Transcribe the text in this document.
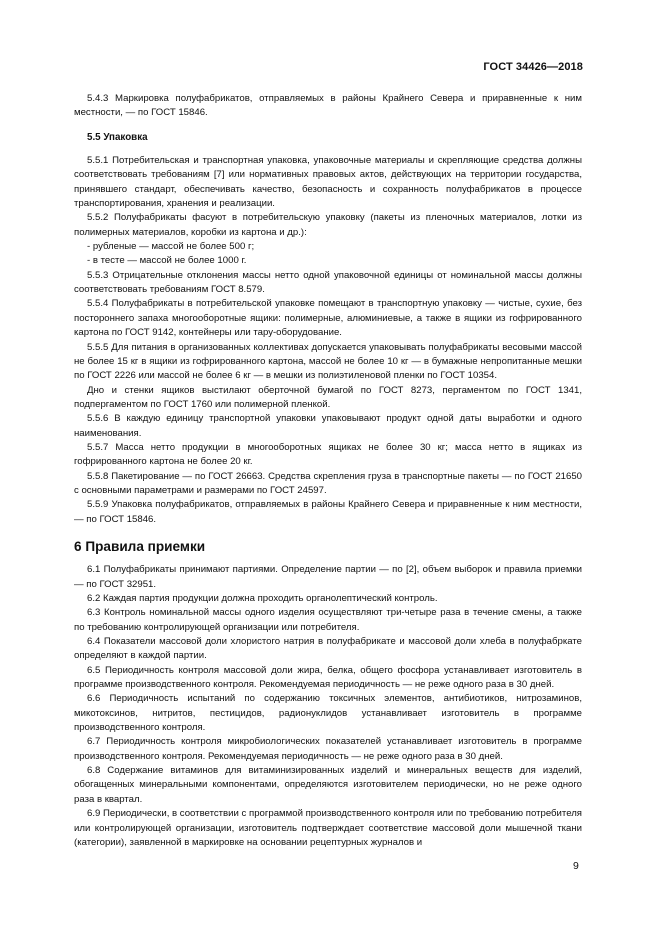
ГОСТ 34426—2018

5.4.3 Маркировка полуфабрикатов, отправляемых в районы Крайнего Севера и приравненные к ним местности, — по ГОСТ 15846.

5.5 Упаковка

5.5.1 Потребительская и транспортная упаковка, упаковочные материалы и скрепляющие средства должны соответствовать требованиям [7] или нормативных правовых актов, действующих на территории государства, принявшего стандарт, обеспечивать качество, безопасность и сохранность полуфабрикатов в процессе транспортирования, хранения и реализации.

5.5.2 Полуфабрикаты фасуют в потребительскую упаковку (пакеты из пленочных материалов, лотки из полимерных материалов, коробки из картона и др.):

- рубленые — массой не более 500 г;

- в тесте — массой не более 1000 г.

5.5.3 Отрицательные отклонения массы нетто одной упаковочной единицы от номинальной массы должны соответствовать требованиям ГОСТ 8.579.

5.5.4 Полуфабрикаты в потребительской упаковке помещают в транспортную упаковку — чистые, сухие, без постороннего запаха многооборотные ящики: полимерные, алюминиевые, а также в ящики из гофрированного картона по ГОСТ 9142, контейнеры или тару-оборудование.

5.5.5 Для питания в организованных коллективах допускается упаковывать полуфабрикаты весовыми массой не более 15 кг в ящики из гофрированного картона, массой не более 10 кг — в бумажные непропитанные мешки по ГОСТ 2226 или массой не более 6 кг — в мешки из полиэтиленовой пленки по ГОСТ 10354.

Дно и стенки ящиков выстилают оберточной бумагой по ГОСТ 8273, пергаментом по ГОСТ 1341, подпергаментом по ГОСТ 1760 или полимерной пленкой.

5.5.6 В каждую единицу транспортной упаковки упаковывают продукт одной даты выработки и одного наименования.

5.5.7 Масса нетто продукции в многооборотных ящиках не более 30 кг; масса нетто в ящиках из гофрированного картона не более 20 кг.

5.5.8 Пакетирование — по ГОСТ 26663. Средства скрепления груза в транспортные пакеты — по ГОСТ 21650 с основными параметрами и размерами по ГОСТ 24597.

5.5.9 Упаковка полуфабрикатов, отправляемых в районы Крайнего Севера и приравненные к ним местности, — по ГОСТ 15846.

6 Правила приемки

6.1 Полуфабрикаты принимают партиями. Определение партии — по [2], объем выборок и правила приемки — по ГОСТ 32951.

6.2 Каждая партия продукции должна проходить органолептический контроль.

6.3 Контроль номинальной массы одного изделия осуществляют три-четыре раза в течение смены, а также по требованию контролирующей организации или потребителя.

6.4 Показатели массовой доли хлористого натрия в полуфабрикате и массовой доли хлеба в полуфабркате определяют в каждой партии.

6.5 Периодичность контроля массовой доли жира, белка, общего фосфора устанавливает изготовитель в программе производственного контроля. Рекомендуемая периодичность — не реже одного раза в 30 дней.

6.6 Периодичность испытаний по содержанию токсичных элементов, антибиотиков, нитрозаминов, микотоксинов, нитритов, пестицидов, радионуклидов устанавливает изготовитель в программе производственного контроля.

6.7 Периодичность контроля микробиологических показателей устанавливает изготовитель в программе производственного контроля. Рекомендуемая периодичность — не реже одного раза в 30 дней.

6.8 Содержание витаминов для витаминизированных изделий и минеральных веществ для изделий, обогащенных минеральными компонентами, определяются изготовителем периодически, но не реже одного раза в квартал.

6.9 Периодически, в соответствии с программой производственного контроля или по требованию потребителя или контролирующей организации, изготовитель подтверждает соответствие массовой доли мышечной ткани (категории), заявленной в маркировке на основании рецептурных журналов и

9
